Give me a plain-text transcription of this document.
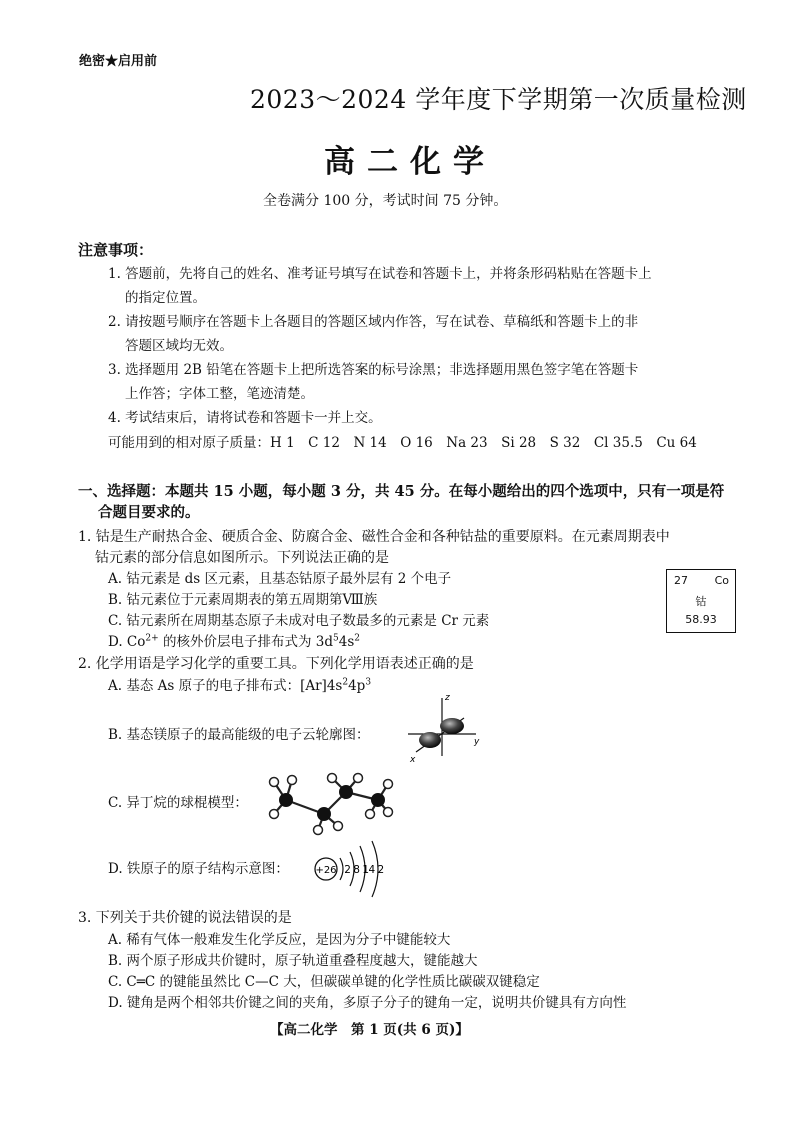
绝密★启用前
2023～2024 学年度下学期第一次质量检测
高二化学
全卷满分 100 分，考试时间 75 分钟。
注意事项：
1. 答题前，先将自己的姓名、准考证号填写在试卷和答题卡上，并将条形码粘贴在答题卡上
的指定位置。
2. 请按题号顺序在答题卡上各题目的答题区域内作答，写在试卷、草稿纸和答题卡上的非
答题区域均无效。
3. 选择题用 2B 铅笔在答题卡上把所选答案的标号涂黑；非选择题用黑色签字笔在答题卡
上作答；字体工整，笔迹清楚。
4. 考试结束后，请将试卷和答题卡一并上交。
可能用到的相对原子质量：H 1　C 12　N 14　O 16　Na 23　Si 28　S 32　Cl 35.5　Cu 64
一、选择题：本题共 15 小题，每小题 3 分，共 45 分。在每小题给出的四个选项中，只有一项是符
合题目要求的。
1. 钴是生产耐热合金、硬质合金、防腐合金、磁性合金和各种钴盐的重要原料。在元素周期表中
钴元素的部分信息如图所示。下列说法正确的是
A. 钴元素是 ds 区元素，且基态钴原子最外层有 2 个电子
B. 钴元素位于元素周期表的第五周期第Ⅷ族
C. 钴元素所在周期基态原子未成对电子数最多的元素是 Cr 元素
D. $Co^{2+}$ 的核外价层电子排布式为 $3d^54s^2$
27 Co
钴
58.93
2. 化学用语是学习化学的重要工具。下列化学用语表述正确的是
A. 基态 As 原子的电子排布式：$[Ar]4s^24p^3$
B. 基态镁原子的最高能级的电子云轮廓图：
z
y
x
C. 异丁烷的球棍模型：
D. 铁原子的原子结构示意图：	+26 2 8 14 2
3. 下列关于共价键的说法错误的是
A. 稀有气体一般难发生化学反应，是因为分子中键能较大
B. 两个原子形成共价键时，原子轨道重叠程度越大，键能越大
C. C═C 的键能虽然比 C—C 大，但碳碳单键的化学性质比碳碳双键稳定
D. 键角是两个相邻共价键之间的夹角，多原子分子的键角一定，说明共价键具有方向性
【高二化学　第 1 页(共 6 页)】
